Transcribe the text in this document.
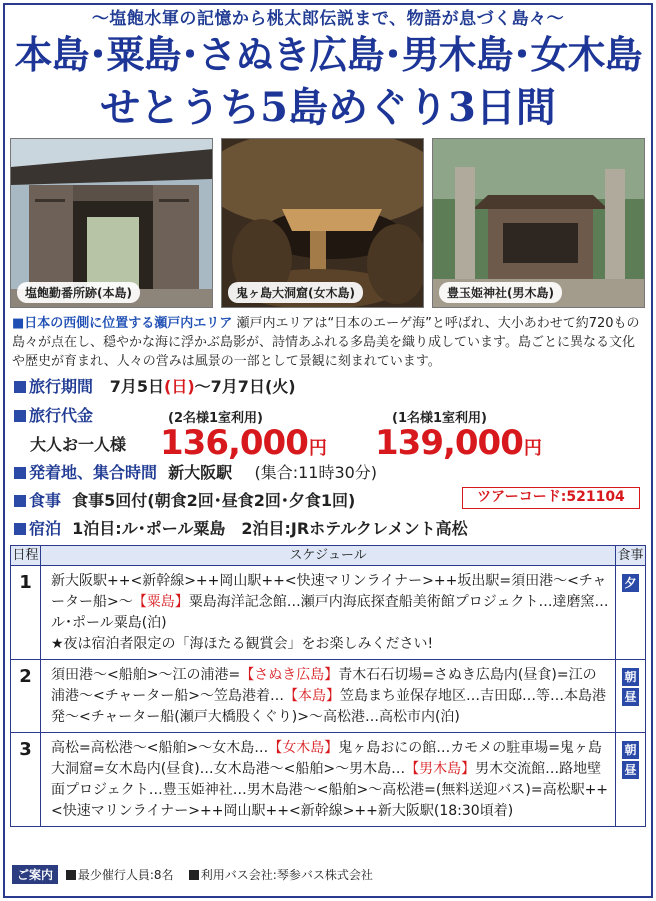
〜塩飽水軍の記憶から桃太郎伝説まで、物語が息づく島々〜
本島･粟島･さぬき広島･男木島･女木島
せとうち5島めぐり3日間
塩飽勤番所跡(本島)	鬼ヶ島大洞窟(女木島)	豊玉姫神社(男木島)
■日本の西側に位置する瀬戸内エリア 瀬戸内エリアは“日本のエーゲ海”と呼ばれ、大小あわせて約720もの島々が点在し、穏やかな海に浮かぶ島影が、詩情あふれる多島美を織り成しています。島ごとに異なる文化や歴史が育まれ、人々の営みは風景の一部として景観に刻まれています。
旅行期間 7月5日(日)〜7月7日(火)
旅行代金	(2名様1室利用)	(1名様1室利用)
大人お一人様 136,000円 139,000円
発着地、集合時間 新大阪駅 (集合:11時30分)
食事 食事5回付(朝食2回･昼食2回･夕食1回)	ツアーコード:521104
宿泊 1泊目:ル･ポール粟島　2泊目:JRホテルクレメント高松
日程	スケジュール	食事
1	新大阪駅++<新幹線>++岡山駅++<快速マリンライナー>++坂出駅=須田港〜<チャーター船>〜【粟島】粟島海洋記念館…瀬戸内海底探査船美術館プロジェクト…達磨窯…ル･ポール粟島(泊)
★夜は宿泊者限定の「海ほたる観賞会」をお楽しみください!
夕
2	須田港〜<船舶>〜江の浦港=【さぬき広島】青木石石切場=さぬき広島内(昼食)=江の浦港〜<チャーター船>〜笠島港着…【本島】笠島まち並保存地区…吉田邸…等…本島港発〜<チャーター船(瀬戸大橋股くぐり)>〜高松港…高松市内(泊)
朝
昼
3	高松=高松港〜<船舶>〜女木島…【女木島】鬼ヶ島おにの館…カモメの駐車場=鬼ヶ島大洞窟=女木島内(昼食)…女木島港〜<船舶>〜男木島…【男木島】男木交流館…路地壁面プロジェクト…豊玉姫神社…男木島港〜<船舶>〜高松港=(無料送迎バス)=高松駅++<快速マリンライナー>++岡山駅++<新幹線>++新大阪駅(18:30頃着)
朝
昼
ご案内 最少催行人員:8名 利用バス会社:琴参バス株式会社
